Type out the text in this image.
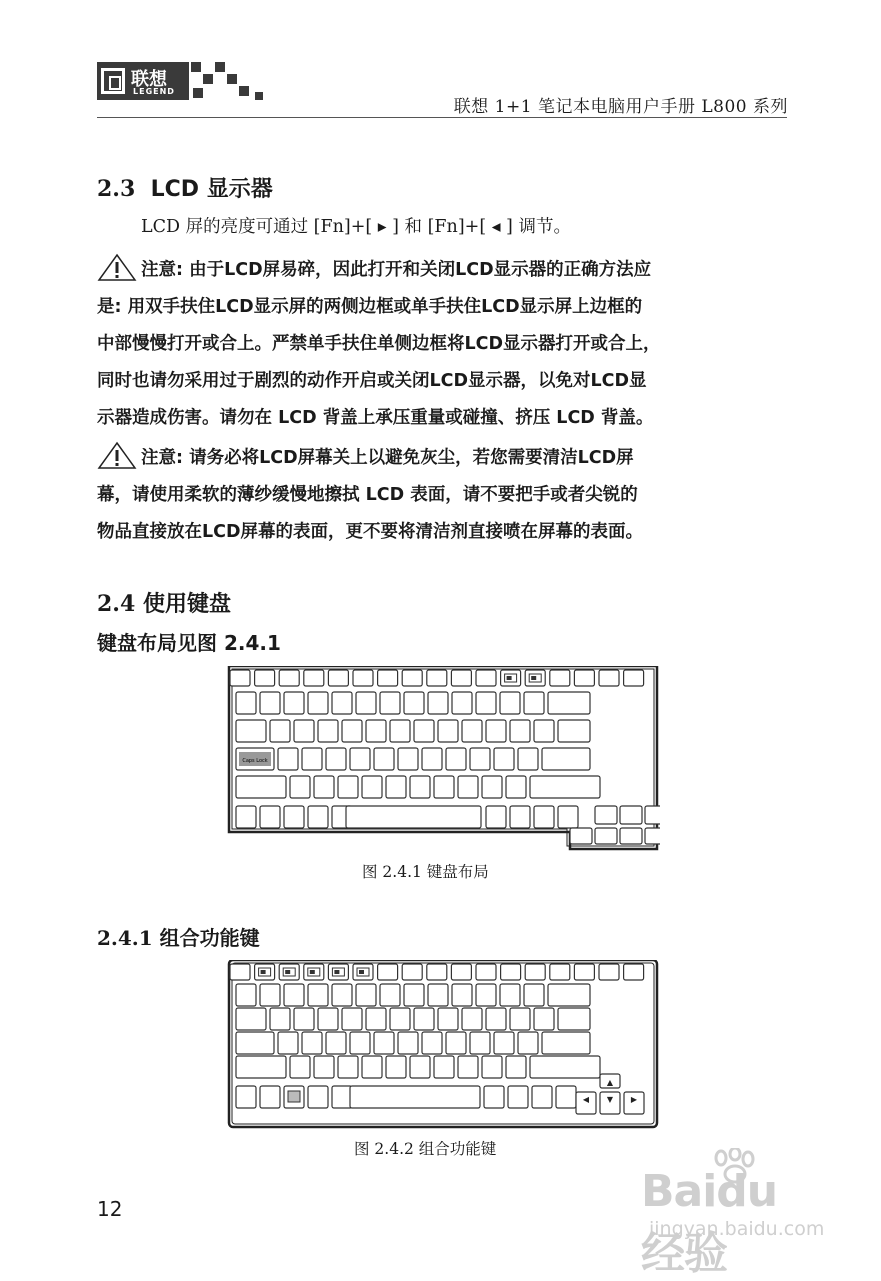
联想
LEGEND
联想 1+1 笔记本电脑用户手册 L800 系列
2.3 LCD 显示器
LCD 屏的亮度可通过 [Fn]+[ ▸ ] 和 [Fn]+[ ◂ ] 调节。

注意: 由于LCD屏易碎，因此打开和关闭LCD显示器的正确方法应

是: 用双手扶住LCD显示屏的两侧边框或单手扶住LCD显示屏上边框的

中部慢慢打开或合上。严禁单手扶住单侧边框将LCD显示器打开或合上，

同时也请勿采用过于剧烈的动作开启或关闭LCD显示器，以免对LCD显

示器造成伤害。请勿在 LCD 背盖上承压重量或碰撞、挤压 LCD 背盖。

注意: 请务必将LCD屏幕关上以避免灰尘，若您需要清洁LCD屏

幕，请使用柔软的薄纱缓慢地擦拭 LCD 表面，请不要把手或者尖锐的

物品直接放在LCD屏幕的表面，更不要将清洁剂直接喷在屏幕的表面。

2.4 使用键盘
键盘布局见图 2.4.1
Caps Lock
图 2.4.1 键盘布局
2.4.1 组合功能键
▲
◀ ▼ ▶
图 2.4.2 组合功能键
12	Baidu 经验
jingyan.baidu.com
